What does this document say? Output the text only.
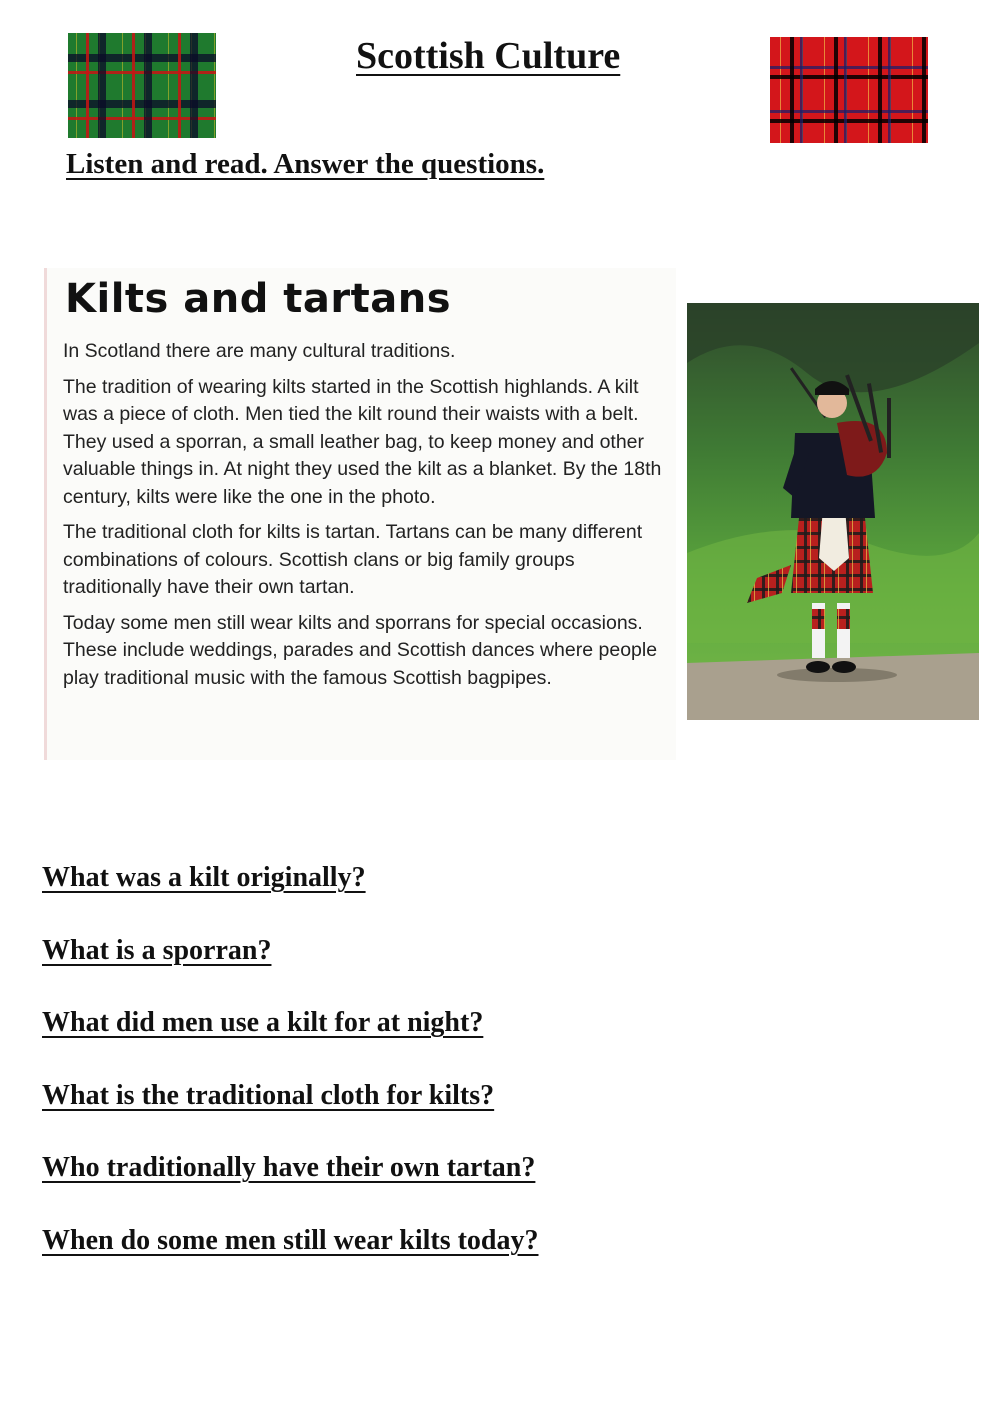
Scottish Culture
Listen and read. Answer the questions.
Kilts and tartans

In Scotland there are many cultural traditions.

The tradition of wearing kilts started in the Scottish highlands. A kilt was a piece of cloth. Men tied the kilt round their waists with a belt. They used a sporran, a small leather bag, to keep money and other valuable things in. At night they used the kilt as a blanket. By the 18th century, kilts were like the one in the photo.

The traditional cloth for kilts is tartan. Tartans can be many different combinations of colours. Scottish clans or big family groups traditionally have their own tartan.

Today some men still wear kilts and sporrans for special occasions. These include weddings, parades and Scottish dances where people play traditional music with the famous Scottish bagpipes.

What was a kilt originally?
What is a sporran?
What did men use a kilt for at night?
What is the traditional cloth for kilts?
Who traditionally have their own tartan?
When do some men still wear kilts today?
